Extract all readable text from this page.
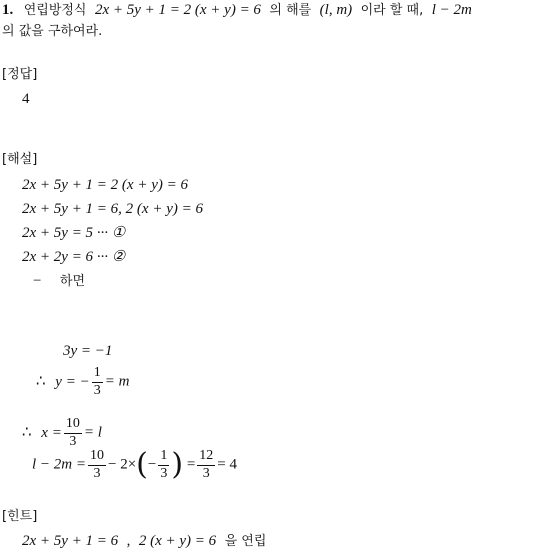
1. 연립방정식 2x + 5y + 1 = 2 (x + y) = 6 의 해를 (l, m) 이라 할 때, l − 2m
의 값을 구하여라.
[정답]
4
[해설]
2x + 5y + 1 = 2 (x + y) = 6
2x + 5y + 1 = 6, 2 (x + y) = 6
2x + 5y = 5 ··· ①
2x + 2y = 6 ··· ②
− 하면
3y = −1
∴ y = − $\frac{1}{3} = m$
∴ $x = \frac{10}{3} = l$
$l - 2m = \frac{10}{3} - 2\times(- \frac{1}{3}$ ) = $\frac{12}{3} = 4$
[힌트]
2x + 5y + 1 = 6 , 2 (x + y) = 6 을 연립
